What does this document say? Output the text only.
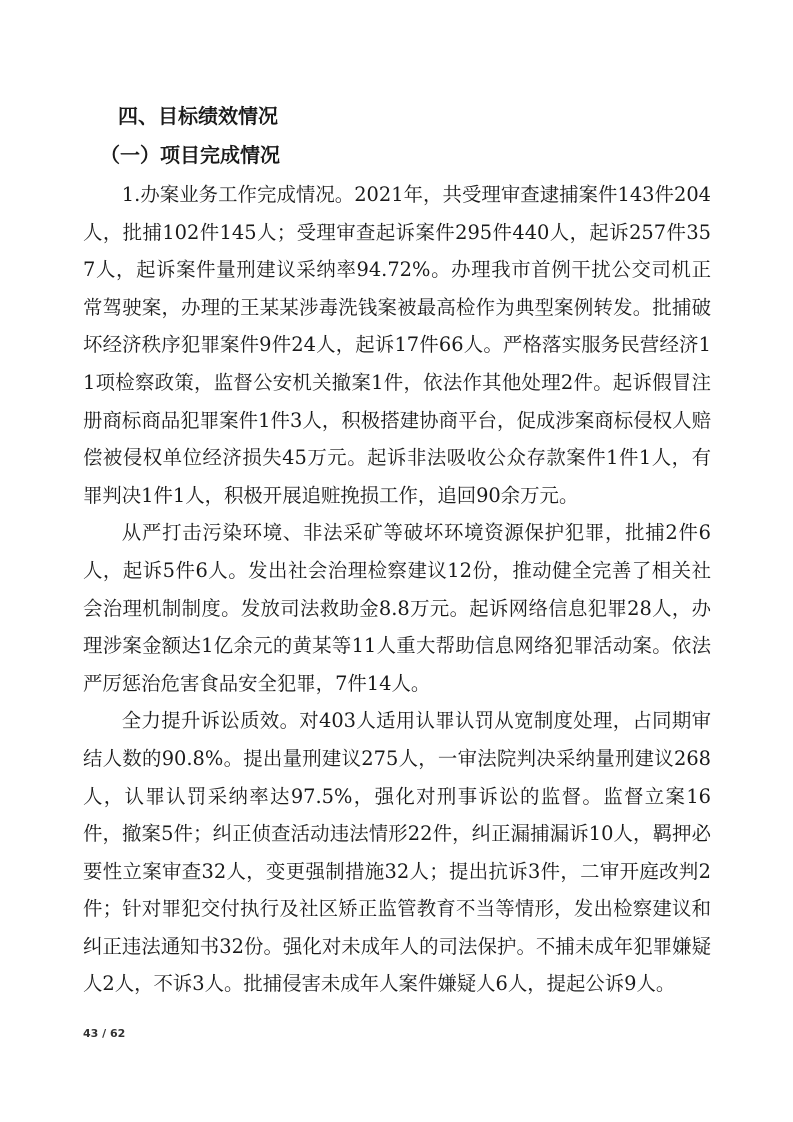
四、目标绩效情况
（一）项目完成情况

1.办案业务工作完成情况。2021年，共受理审查逮捕案件143件204人，批捕102件145人；受理审查起诉案件295件440人，起诉257件357人，起诉案件量刑建议采纳率94.72%。办理我市首例干扰公交司机正常驾驶案，办理的王某某涉毒洗钱案被最高检作为典型案例转发。批捕破坏经济秩序犯罪案件9件24人，起诉17件66人。严格落实服务民营经济11项检察政策，监督公安机关撤案1件，依法作其他处理2件。起诉假冒注册商标商品犯罪案件1件3人，积极搭建协商平台，促成涉案商标侵权人赔偿被侵权单位经济损失45万元。起诉非法吸收公众存款案件1件1人，有罪判决1件1人，积极开展追赃挽损工作，追回90余万元。

从严打击污染环境、非法采矿等破坏环境资源保护犯罪，批捕2件6人，起诉5件6人。发出社会治理检察建议12份，推动健全完善了相关社会治理机制制度。发放司法救助金8.8万元。起诉网络信息犯罪28人，办理涉案金额达1亿余元的黄某等11人重大帮助信息网络犯罪活动案。依法严厉惩治危害食品安全犯罪，7件14人。

全力提升诉讼质效。对403人适用认罪认罚从宽制度处理，占同期审结人数的90.8%。提出量刑建议275人，一审法院判决采纳量刑建议268人，认罪认罚采纳率达97.5%，强化对刑事诉讼的监督。监督立案16件，撤案5件；纠正侦查活动违法情形22件，纠正漏捕漏诉10人，羁押必要性立案审查32人，变更强制措施32人；提出抗诉3件，二审开庭改判2件；针对罪犯交付执行及社区矫正监管教育不当等情形，发出检察建议和纠正违法通知书32份。强化对未成年人的司法保护。不捕未成年犯罪嫌疑人2人，不诉3人。批捕侵害未成年人案件嫌疑人6人，提起公诉9人。

43 / 62
